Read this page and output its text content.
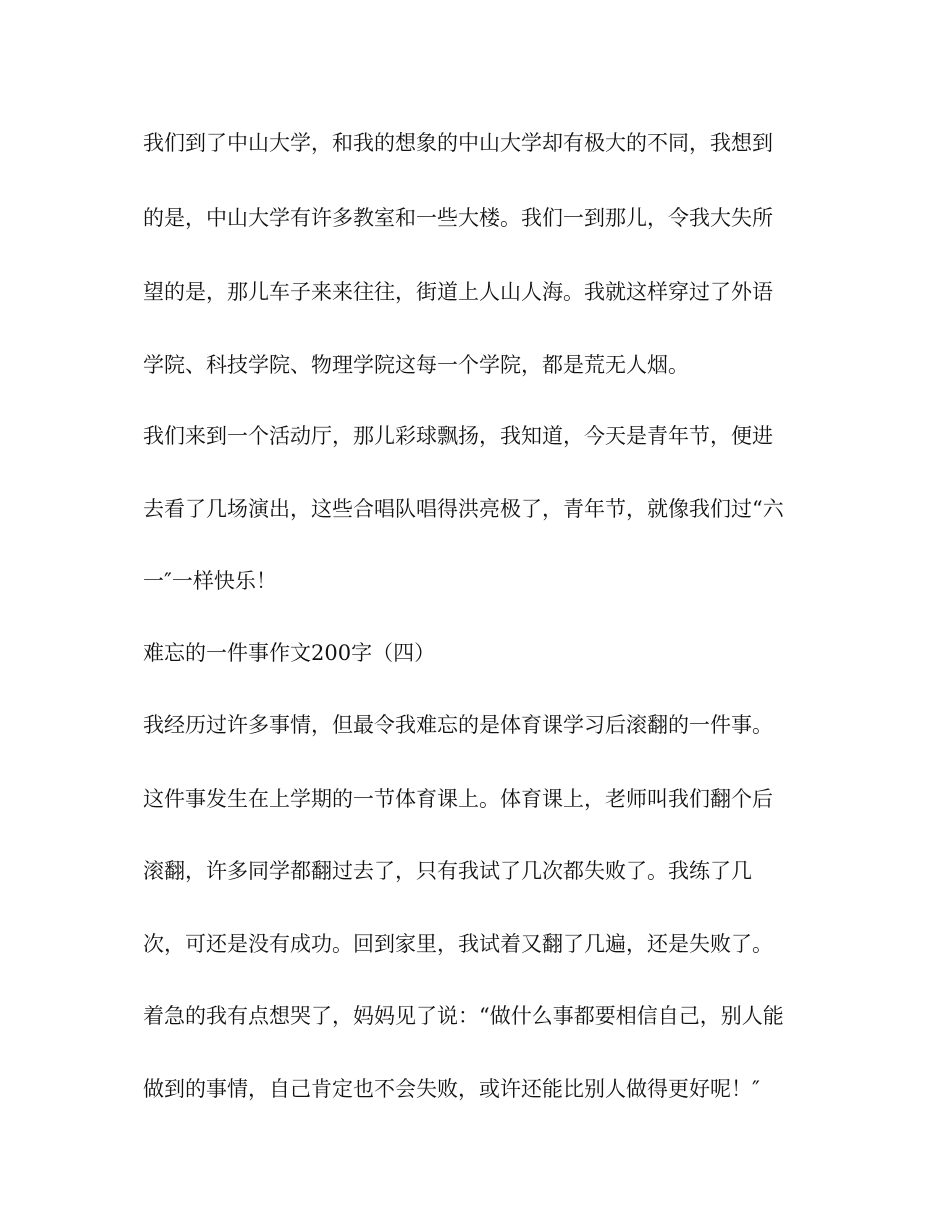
我们到了中山大学，和我的想象的中山大学却有极大的不同，我想到

的是，中山大学有许多教室和一些大楼。我们一到那儿，令我大失所

望的是，那儿车子来来往往，街道上人山人海。我就这样穿过了外语

学院、科技学院、物理学院这每一个学院，都是荒无人烟。

我们来到一个活动厅，那儿彩球飘扬，我知道，今天是青年节，便进

去看了几场演出，这些合唱队唱得洪亮极了，青年节，就像我们过“六

一″一样快乐！

难忘的一件事作文200字（四）

我经历过许多事情，但最令我难忘的是体育课学习后滚翻的一件事。

这件事发生在上学期的一节体育课上。体育课上，老师叫我们翻个后

滚翻，许多同学都翻过去了，只有我试了几次都失败了。我练了几

次，可还是没有成功。回到家里，我试着又翻了几遍，还是失败了。

着急的我有点想哭了，妈妈见了说：“做什么事都要相信自己，别人能

做到的事情，自己肯定也不会失败，或许还能比别人做得更好呢！″
